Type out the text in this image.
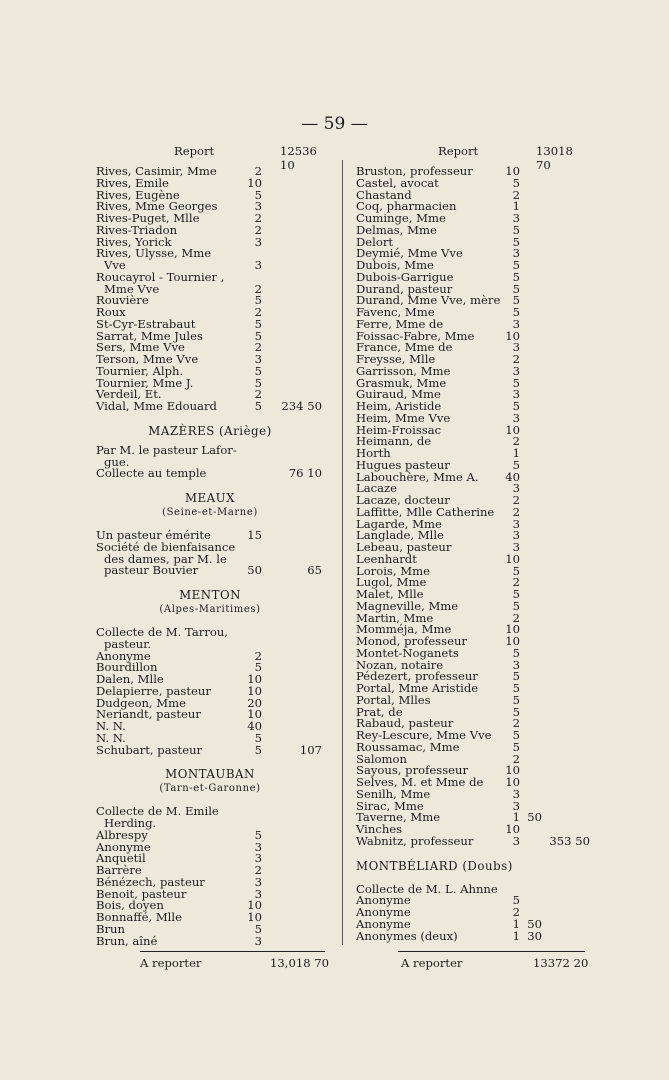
— 59 —
Report	12536 10
Rives, Casimir, Mme	2
Rives, Emile	10
Rives, Eugène	5
Rives, Mme Georges	3
Rives-Puget, Mlle	2
Rives-Triadon	2
Rives, Yorick	3
Rives, Ulysse, Mme
Vve	3
Roucayrol - Tournier ,
Mme Vve	2
Rouvière	5
Roux	2
St-Cyr-Estrabaut	5
Sarrat, Mme Jules	5
Sers, Mme Vve	2
Terson, Mme Vve	3
Tournier, Alph.	5
Tournier, Mme J.	5
Verdeil, Et.	2
Vidal, Mme Edouard	5	234 50
MAZÈRES (Ariège)
Par M. le pasteur Lafor-
gue.
Collecte au temple	76 10
MEAUX
(Seine-et-Marne)
Un pasteur émérite	15
Société de bienfaisance
des dames, par M. le
pasteur Bouvier	50	65
MENTON
(Alpes-Maritimes)
Collecte de M. Tarrou,
pasteur.
Anonyme	2
Bourdillon	5
Dalen, Mlle	10
Delapierre, pasteur	10
Dudgeon, Mme	20
Neriandt, pasteur	10
N. N.	40
N. N.	5
Schubart, pasteur	5	107
MONTAUBAN
(Tarn-et-Garonne)
Collecte de M. Emile
Herding.
Albrespy	5
Anonyme	3
Anquetil	3
Barrère	2
Bénézech, pasteur	3
Benoit, pasteur	3
Bois, doyen	10
Bonnaffé, Mlle	10
Brun	5
Brun, aîné	3
Report	13018 70
Bruston, professeur	10
Castel, avocat	5
Chastand	2
Coq, pharmacien	1
Cuminge, Mme	3
Delmas, Mme	5
Delort	5
Deymié, Mme Vve	3
Dubois, Mme	5
Dubois-Garrigue	5
Durand, pasteur	5
Durand, Mme Vve, mère	5
Favenc, Mme	5
Ferre, Mme de	3
Foissac-Fabre, Mme	10
France, Mme de	3
Freysse, Mlle	2
Garrisson, Mme	3
Grasmuk, Mme	5
Guiraud, Mme	3
Heim, Aristide	5
Heim, Mme Vve	3
Heim-Froissac	10
Heimann, de	2
Horth	1
Hugues pasteur	5
Labouchère, Mme A.	40
Lacaze	3
Lacaze, docteur	2
Laffitte, Mlle Catherine	2
Lagarde, Mme	3
Langlade, Mlle	3
Lebeau, pasteur	3
Leenhardt	10
Lorois, Mme	5
Lugol, Mme	2
Malet, Mlle	5
Magneville, Mme	5
Martin, Mme	2
Momméja, Mme	10
Monod, professeur	10
Montet-Noganets	5
Nozan, notaire	3
Pédezert, professeur	5
Portal, Mme Aristide	5
Portal, Mlles	5
Prat, de	5
Rabaud, pasteur	2
Rey-Lescure, Mme Vve	5
Roussamac, Mme	5
Salomon	2
Sayous, professeur	10
Selves, M. et Mme de	10
Senilh, Mme	3
Sirac, Mme	3
Taverne, Mme	1 50
Vinches	10
Wabnitz, professeur	3	353 50
MONTBÉLIARD (Doubs)
Collecte de M. L. Ahnne
Anonyme	5
Anonyme	2
Anonyme	1 50
Anonymes (deux)	1 30
A reporter	13,018 70	A reporter	13372 20
